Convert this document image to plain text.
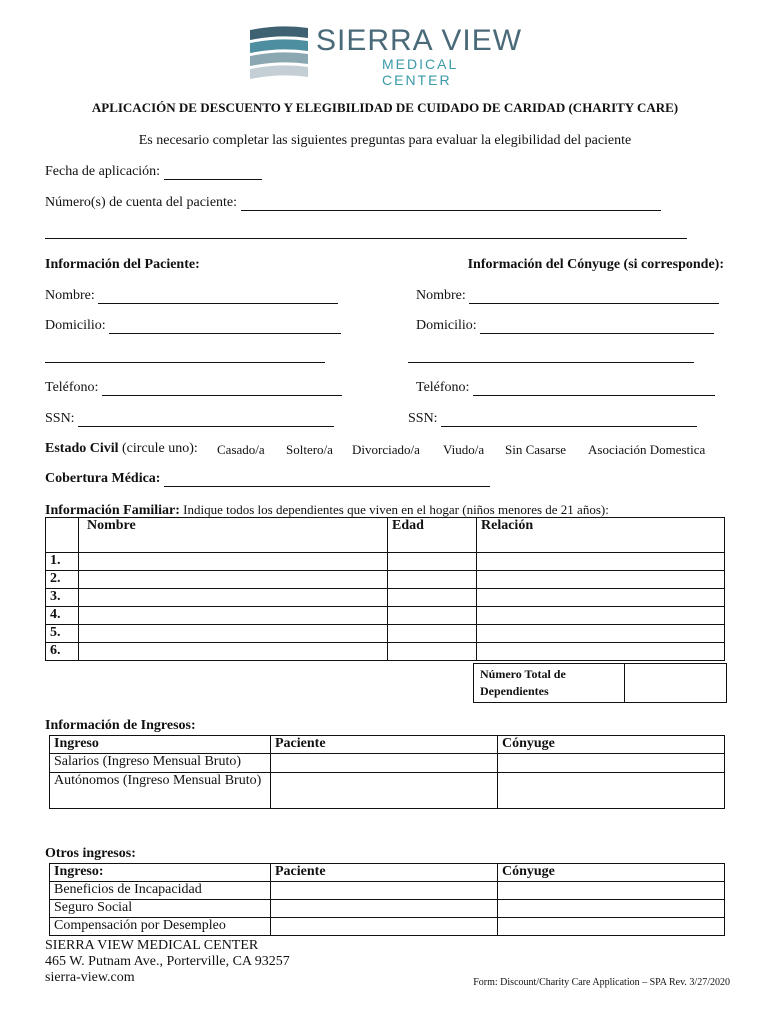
SIERRA VIEW
MEDICAL CENTER
APLICACIÓN DE DESCUENTO Y ELEGIBILIDAD DE CUIDADO DE CARIDAD (CHARITY CARE)
Es necesario completar las siguientes preguntas para evaluar la elegibilidad del paciente
Fecha de aplicación:
Número(s) de cuenta del paciente:
Información del Paciente:	Información del Cónyuge (si corresponde):
Nombre:
Domicilio:
Teléfono:
SSN:
Nombre:
Domicilio:
Teléfono:
SSN:
Estado Civil (circule uno): Casado/a Soltero/a Divorciado/a Viudo/a Sin Casarse Asociación Domestica
Cobertura Médica:
Información Familiar: Indique todos los dependientes que viven en el hogar (niños menores de 21 años):
	Nombre	Edad	Relación
1.			
2.			
3.			
4.			
5.			
6.			
Número Total de
Dependientes
Información de Ingresos:
Ingreso	Paciente	Cónyuge
Salarios (Ingreso Mensual Bruto)		
Autónomos (Ingreso Mensual Bruto)		
Otros ingresos:
Ingreso:	Paciente	Cónyuge
Beneficios de Incapacidad		
Seguro Social		
Compensación por Desempleo		
SIERRA VIEW MEDICAL CENTER
465 W. Putnam Ave., Porterville, CA 93257
sierra-view.com	Form: Discount/Charity Care Application – SPA Rev. 3/27/2020
